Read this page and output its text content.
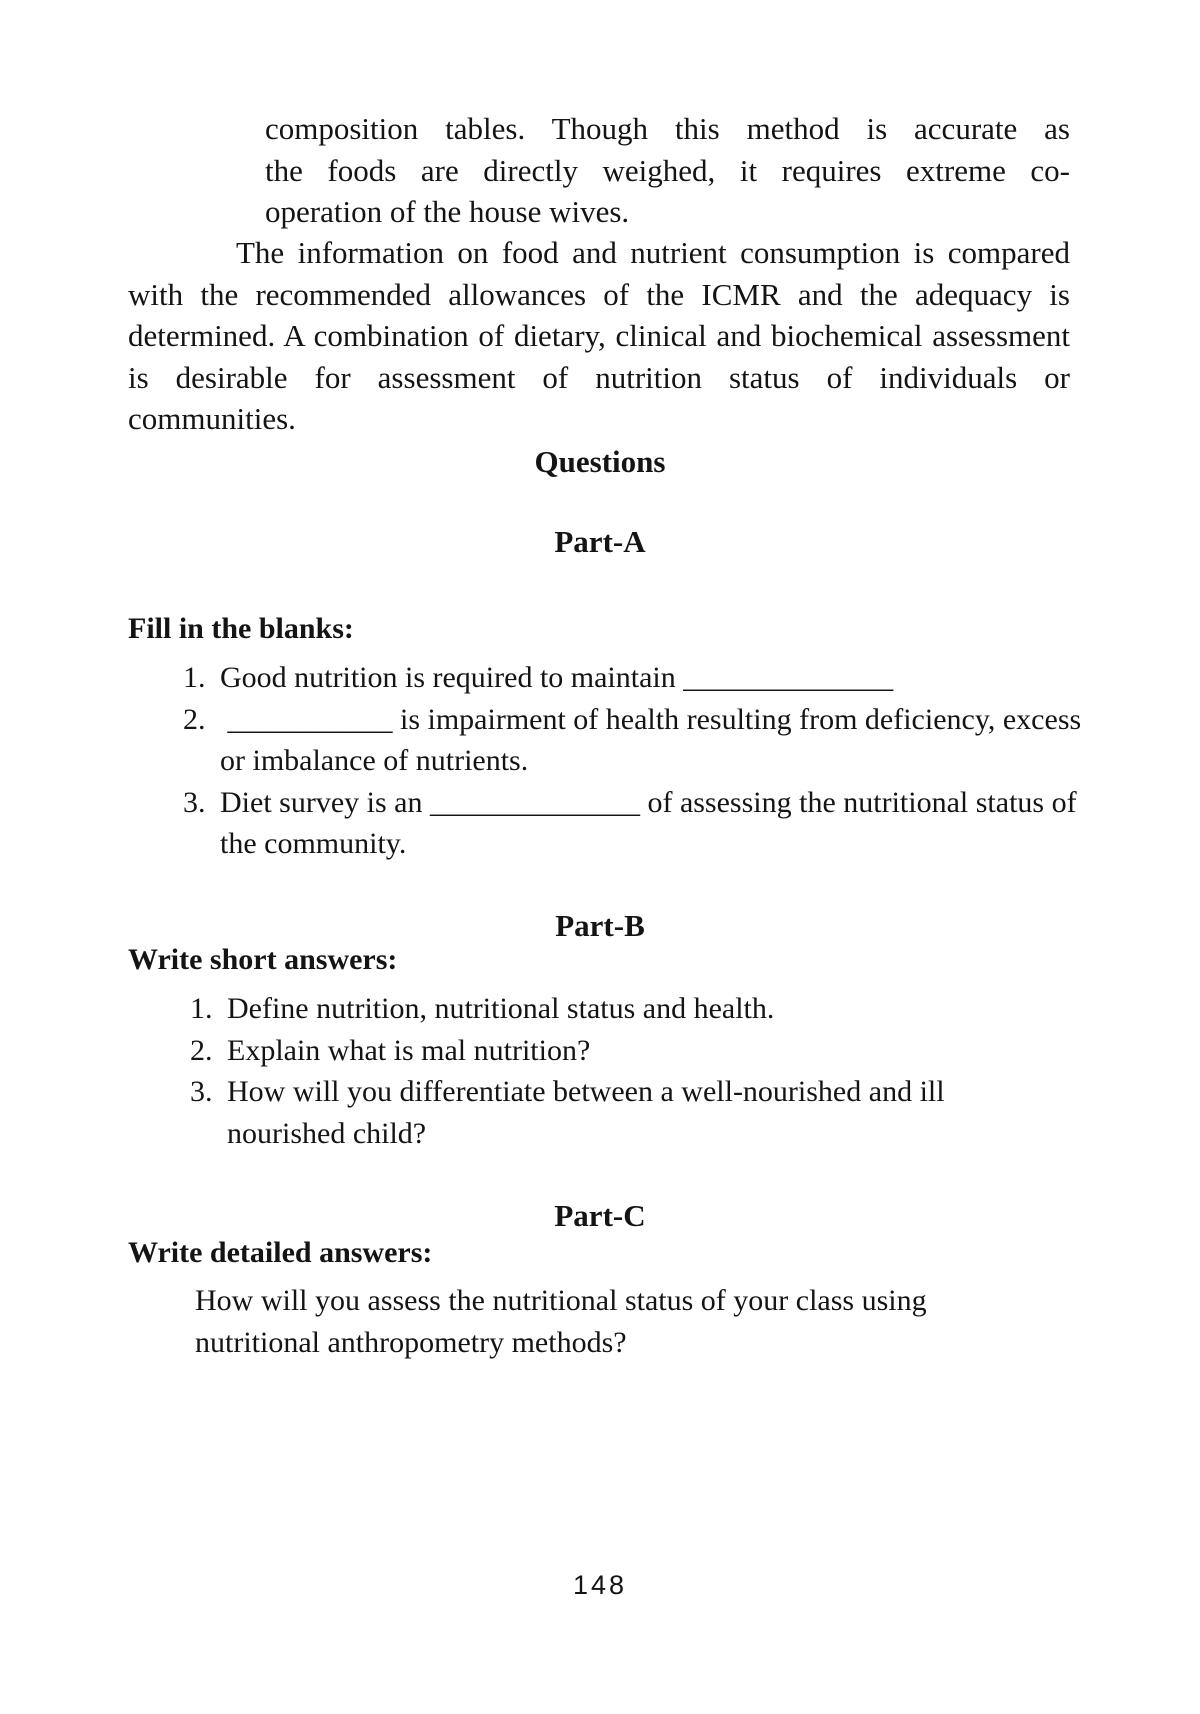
composition tables. Though this method is accurate as
the foods are directly weighed, it requires extreme co-
operation of the house wives.

The information on food and nutrient consumption is compared with the recommended allowances of the ICMR and the adequacy is determined. A combination of dietary, clinical and biochemical assessment is desirable for assessment of nutrition status of individuals or communities.

Questions
Part-A
Fill in the blanks:
1. Good nutrition is required to maintain ______________
2. ___________ is impairment of health resulting from deficiency, excess or imbalance of nutrients.
3. Diet survey is an ______________ of assessing the nutritional status of the community.
Part-B
Write short answers:
1. Define nutrition, nutritional status and health.
2. Explain what is mal nutrition?
3. How will you differentiate between a well-nourished and ill nourished child?
Part-C
Write detailed answers:
How will you assess the nutritional status of your class using nutritional anthropometry methods?
148
